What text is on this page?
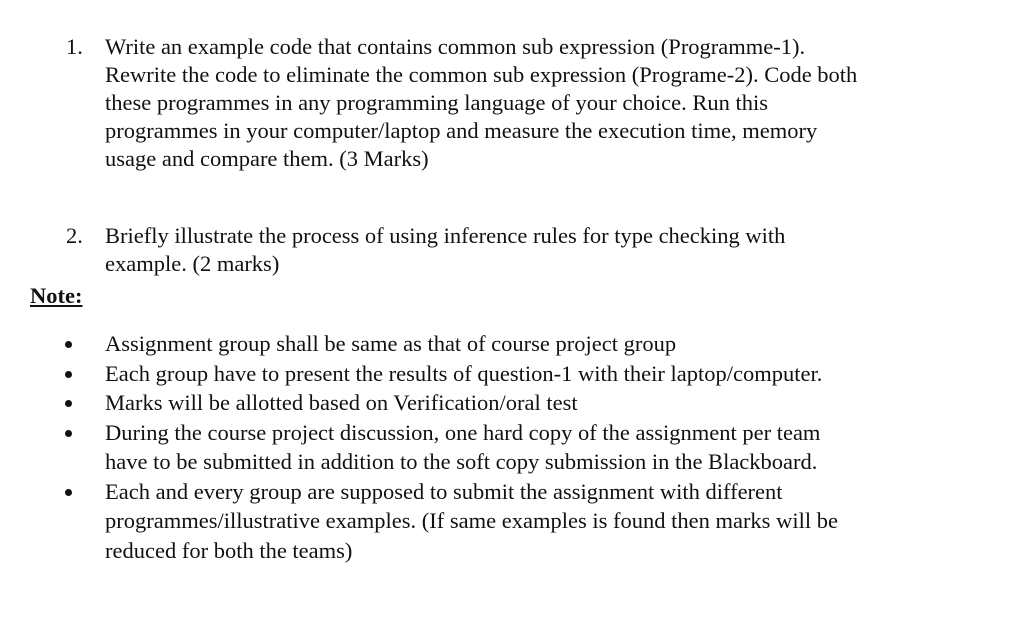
1. Write an example code that contains common sub expression (Programme-1).
Rewrite the code to eliminate the common sub expression (Programe-2). Code both
these programmes in any programming language of your choice. Run this
programmes in your computer/laptop and measure the execution time, memory
usage and compare them. (3 Marks)
2. Briefly illustrate the process of using inference rules for type checking with
example. (2 marks)
Note:
Assignment group shall be same as that of course project group
Each group have to present the results of question-1 with their laptop/computer.
Marks will be allotted based on Verification/oral test
During the course project discussion, one hard copy of the assignment per team
have to be submitted in addition to the soft copy submission in the Blackboard.
Each and every group are supposed to submit the assignment with different
programmes/illustrative examples. (If same examples is found then marks will be
reduced for both the teams)
